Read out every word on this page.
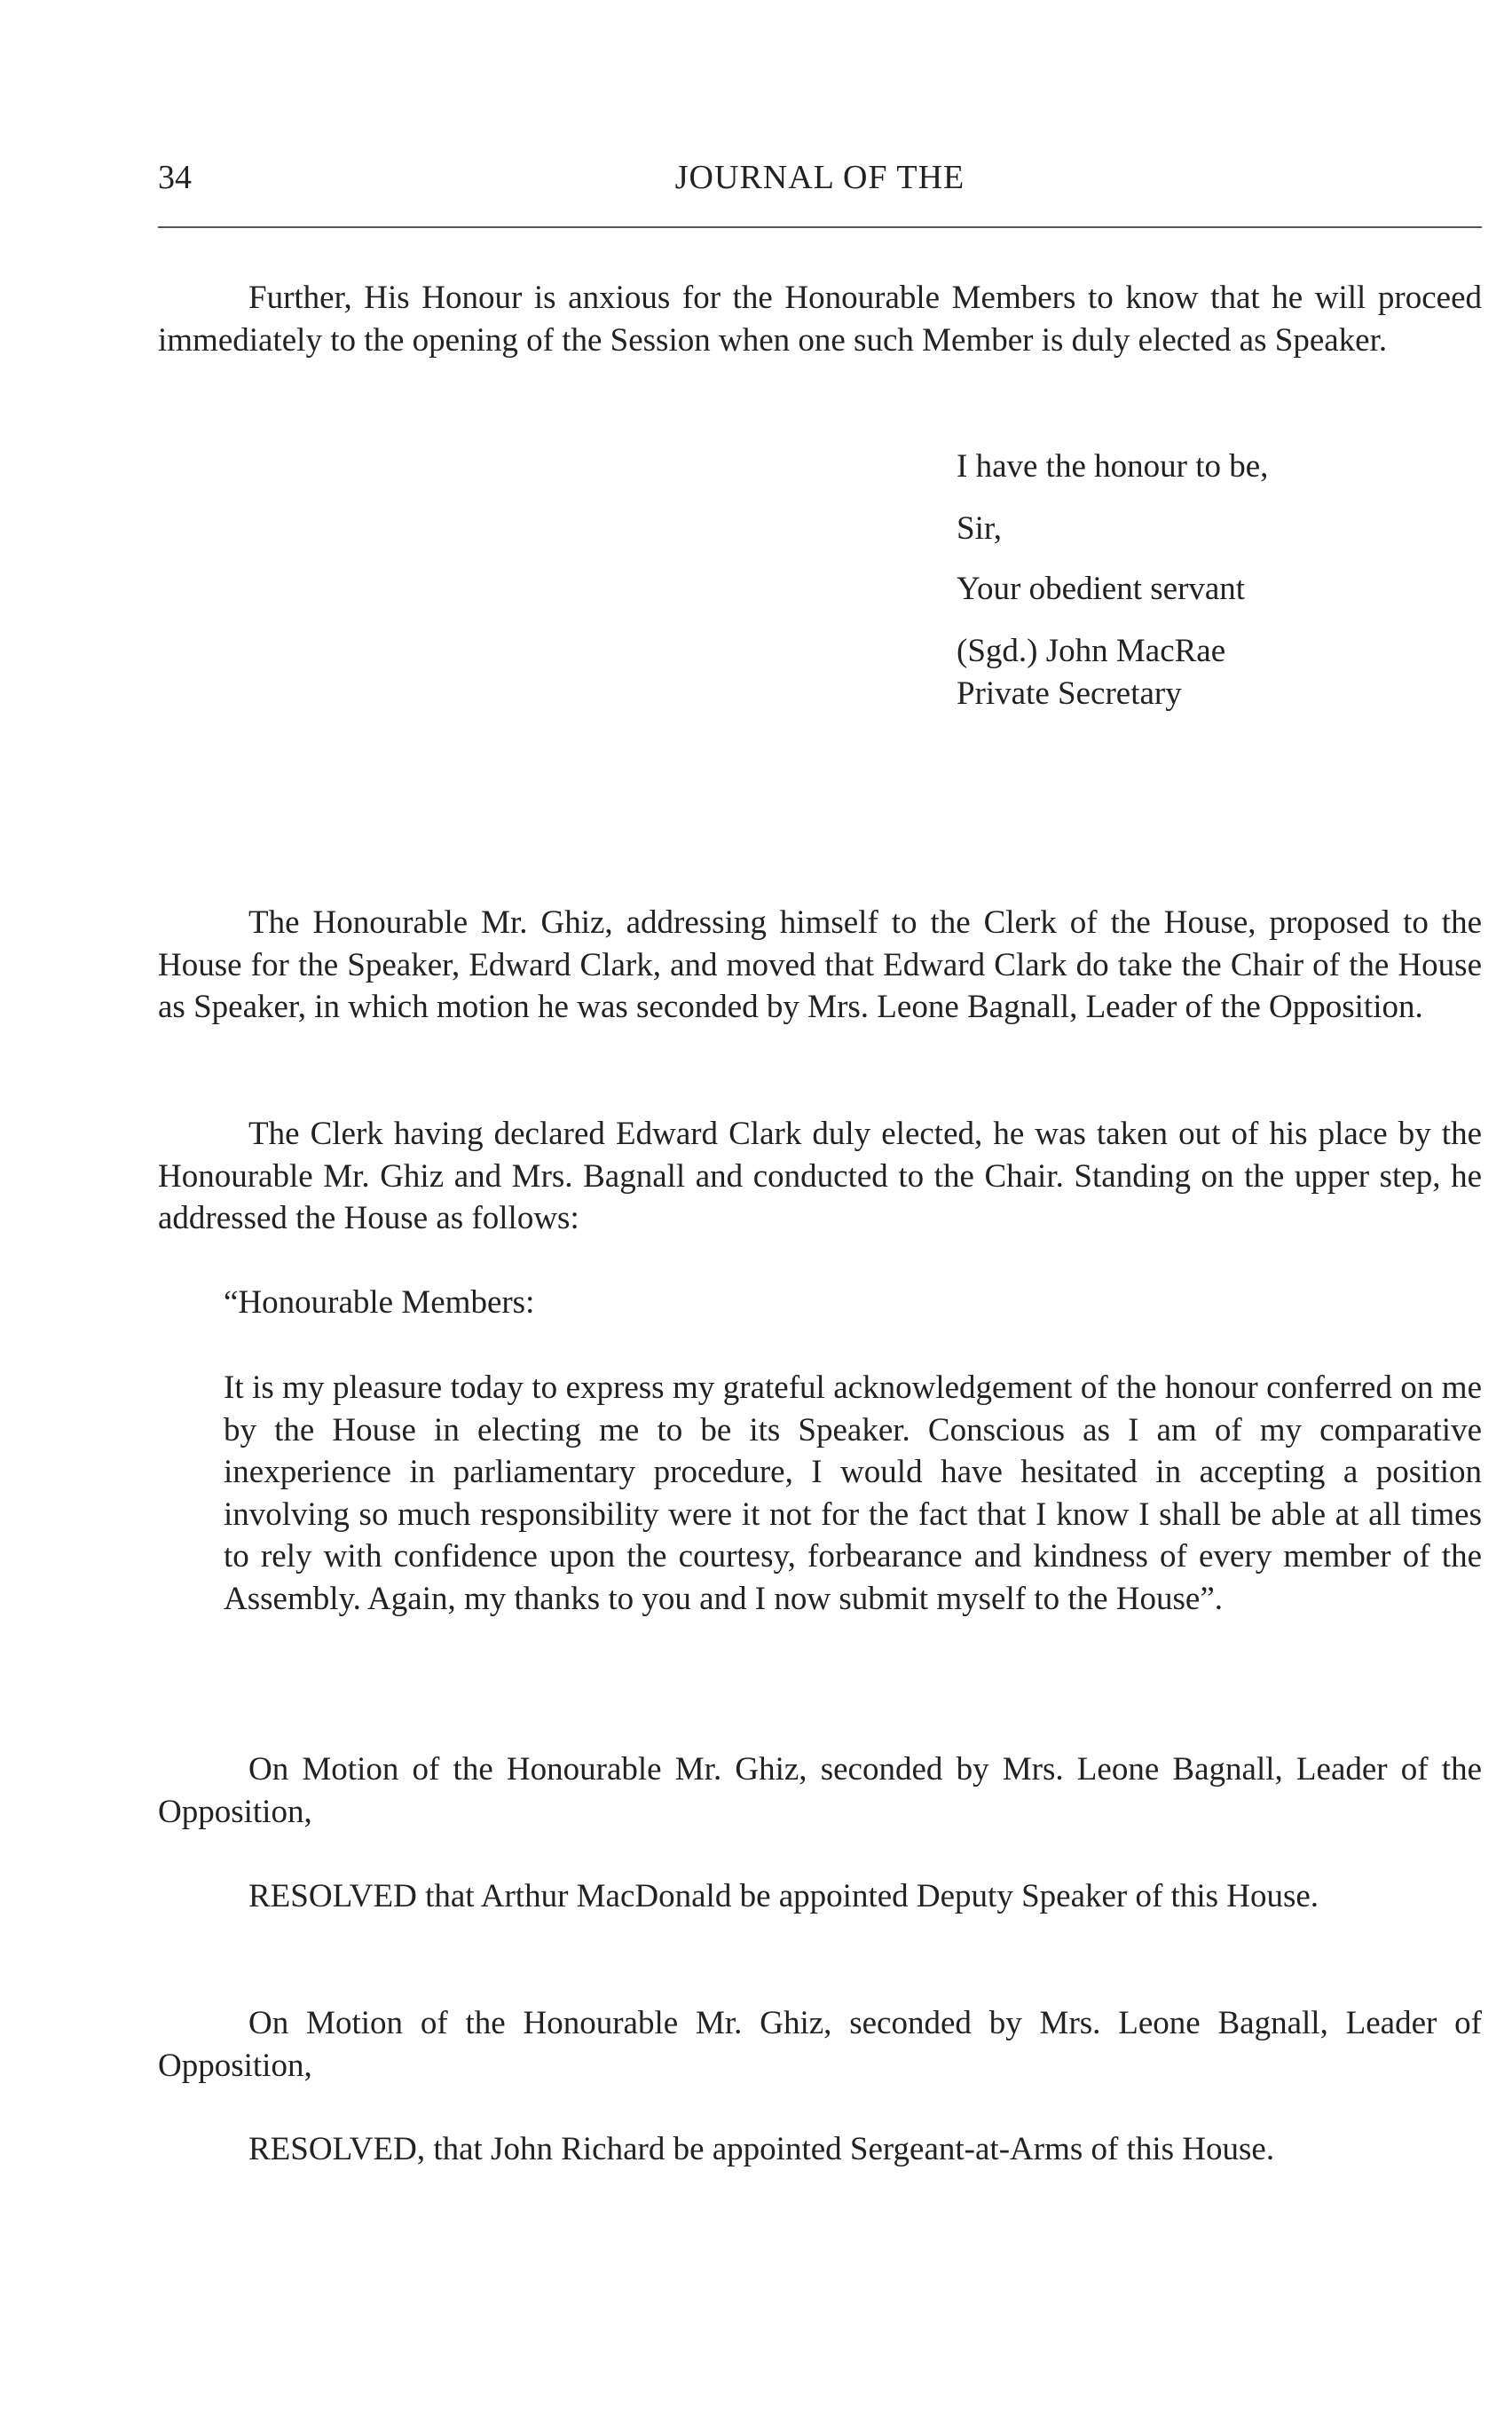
34	JOURNAL OF THE

Further, His Honour is anxious for the Honourable Members to know that he will proceed immediately to the opening of the Session when one such Member is duly elected as Speaker.

I have the honour to be,
Sir,
Your obedient servant
(Sgd.) John MacRae
Private Secretary

The Honourable Mr. Ghiz, addressing himself to the Clerk of the House, proposed to the House for the Speaker, Edward Clark, and moved that Edward Clark do take the Chair of the House as Speaker, in which motion he was seconded by Mrs. Leone Bagnall, Leader of the Opposition.

The Clerk having declared Edward Clark duly elected, he was taken out of his place by the Honourable Mr. Ghiz and Mrs. Bagnall and conducted to the Chair. Standing on the upper step, he addressed the House as follows:

“Honourable Members:

It is my pleasure today to express my grateful acknowledgement of the honour conferred on me by the House in electing me to be its Speaker. Conscious as I am of my comparative inexperience in parliamentary procedure, I would have hesitated in accepting a position involving so much responsibility were it not for the fact that I know I shall be able at all times to rely with confidence upon the courtesy, forbearance and kindness of every member of the Assembly. Again, my thanks to you and I now submit myself to the House”.

On Motion of the Honourable Mr. Ghiz, seconded by Mrs. Leone Bagnall, Leader of the Opposition,

RESOLVED that Arthur MacDonald be appointed Deputy Speaker of this House.

On Motion of the Honourable Mr. Ghiz, seconded by Mrs. Leone Bagnall, Leader of Opposition,

RESOLVED, that John Richard be appointed Sergeant-at-Arms of this House.
